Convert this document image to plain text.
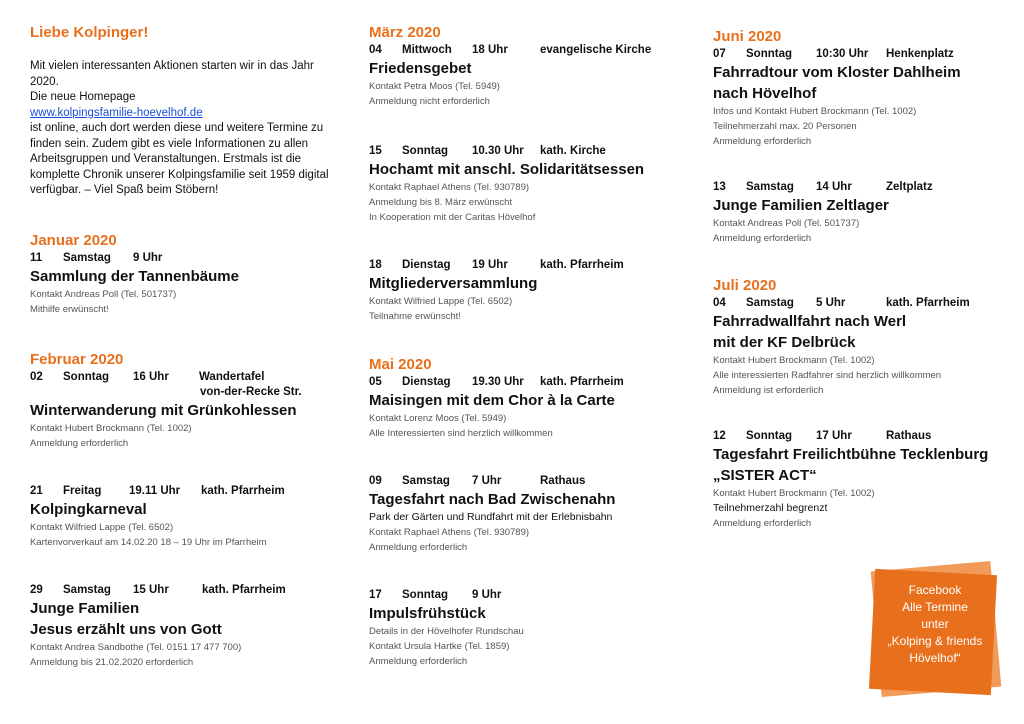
Liebe Kolpinger!

Mit vielen interessanten Aktionen starten wir in das Jahr 2020.
Die neue Homepage
www.kolpingsfamilie-hoevelhof.de
ist online, auch dort werden diese und weitere Termine zu finden sein. Zudem gibt es viele Informationen zu allen Arbeitsgruppen und Veranstaltungen. Erstmals ist die komplette Chronik unserer Kolpingsfamilie seit 1959 digital verfügbar. – Viel Spaß beim Stöbern!

Januar 2020
11 Samstag 9 Uhr
Sammlung der Tannenbäume
Kontakt Andreas Poll (Tel. 501737)
Mithilfe erwünscht!
Februar 2020
02 Sonntag 16 Uhr	Wandertafel
von-der-Recke Str.
Winterwanderung mit Grünkohlessen
Kontakt Hubert Brockmann (Tel. 1002)
Anmeldung erforderlich
21 Freitag 19.11 Uhr kath. Pfarrheim
Kolpingkarneval
Kontakt Wilfried Lappe (Tel. 6502)
Kartenvorverkauf am 14.02.20 18 – 19 Uhr im Pfarrheim
29 Samstag 15 Uhr	kath. Pfarrheim
Junge Familien
Jesus erzählt uns von Gott
Kontakt Andrea Sandbothe (Tel. 0151 17 477 700)
Anmeldung bis 21.02.2020 erforderlich
März 2020
04 Mittwoch 18 Uhr	evangelische Kirche
Friedensgebet
Kontakt Petra Moos (Tel. 5949)
Anmeldung nicht erforderlich
15 Sonntag 10.30 Uhr kath. Kirche
Hochamt mit anschl. Solidaritätsessen
Kontakt Raphael Athens (Tel. 930789)
Anmeldung bis 8. März erwünscht
In Kooperation mit der Caritas Hövelhof
18 Dienstag 19 Uhr	kath. Pfarrheim
Mitgliederversammlung
Kontakt Wilfried Lappe (Tel. 6502)
Teilnahme erwünscht!
Mai 2020
05 Dienstag 19.30 Uhr kath. Pfarrheim
Maisingen mit dem Chor à la Carte
Kontakt Lorenz Moos (Tel. 5949)
Alle Interessierten sind herzlich willkommen
09 Samstag 7 Uhr	Rathaus
Tagesfahrt nach Bad Zwischenahn
Park der Gärten und Rundfahrt mit der Erlebnisbahn
Kontakt Raphael Athens (Tel. 930789)
Anmeldung erforderlich
17 Sonntag 9 Uhr
Impulsfrühstück
Details in der Hövelhofer Rundschau
Kontakt Ursula Hartke (Tel. 1859)
Anmeldung erforderlich
Juni 2020
07 Sonntag 10:30 Uhr Henkenplatz
Fahrradtour vom Kloster Dahlheim
nach Hövelhof
Infos und Kontakt Hubert Brockmann (Tel. 1002)
Teilnehmerzahl max. 20 Personen
Anmeldung erforderlich
13 Samstag 14 Uhr	Zeltplatz
Junge Familien Zeltlager
Kontakt Andreas Poll (Tel. 501737)
Anmeldung erforderlich
Juli 2020
04 Samstag 5 Uhr	kath. Pfarrheim
Fahrradwallfahrt nach Werl
mit der KF Delbrück
Kontakt Hubert Brockmann (Tel. 1002)
Alle interessierten Radfahrer sind herzlich willkommen
Anmeldung ist erforderlich
12 Sonntag 17 Uhr	Rathaus
Tagesfahrt Freilichtbühne Tecklenburg
„SISTER ACT“
Kontakt Hubert Brockmann (Tel. 1002)
Teilnehmerzahl begrenzt
Anmeldung erforderlich
Facebook
Alle Termine
unter
„Kolping & friends
Hövelhof“
